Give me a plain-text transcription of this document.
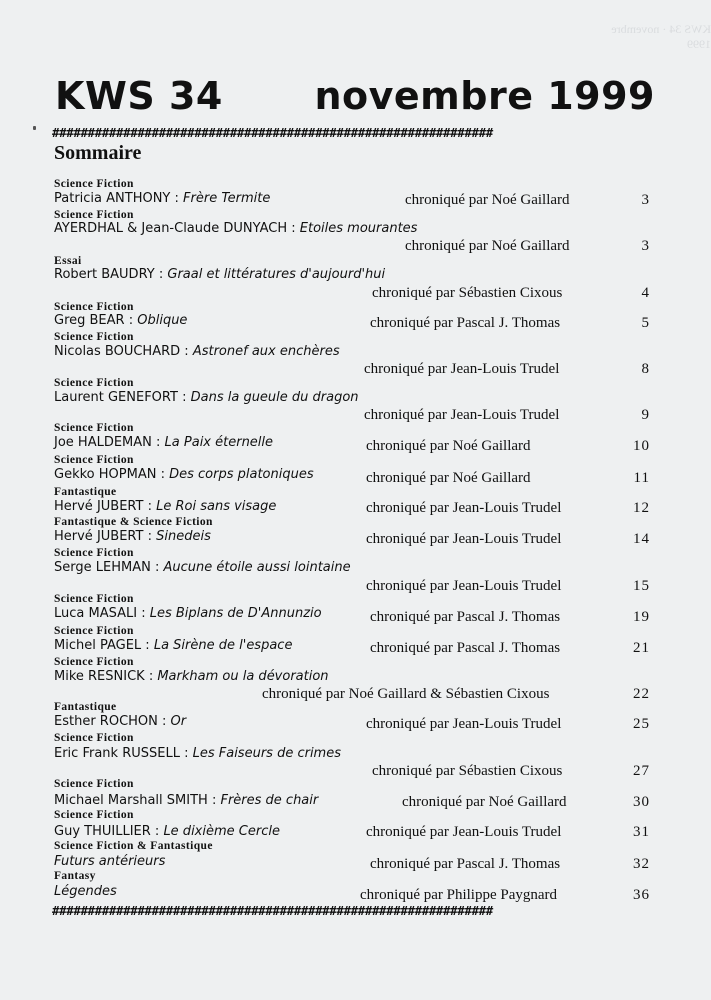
KWS 34 · novembre 1999
KWS 34 novembre 1999
##############################################################
Sommaire
Science Fiction
Patricia ANTHONY : Frère Termite	chroniqué par Noé Gaillard	3
Science Fiction
AYERDHAL & Jean-Claude DUNYACH : Etoiles mourantes
chroniqué par Noé Gaillard	3
Essai
Robert BAUDRY : Graal et littératures d'aujourd'hui
chroniqué par Sébastien Cixous	4
Science Fiction
Greg BEAR : Oblique	chroniqué par Pascal J. Thomas	5
Science Fiction
Nicolas BOUCHARD : Astronef aux enchères
chroniqué par Jean-Louis Trudel	8
Science Fiction
Laurent GENEFORT : Dans la gueule du dragon
chroniqué par Jean-Louis Trudel	9
Science Fiction
Joe HALDEMAN : La Paix éternelle	chroniqué par Noé Gaillard	10
Science Fiction
Gekko HOPMAN : Des corps platoniques	chroniqué par Noé Gaillard	11
Fantastique
Hervé JUBERT : Le Roi sans visage	chroniqué par Jean-Louis Trudel	12
Fantastique & Science Fiction
Hervé JUBERT : Sinedeis	chroniqué par Jean-Louis Trudel	14
Science Fiction
Serge LEHMAN : Aucune étoile aussi lointaine
chroniqué par Jean-Louis Trudel	15
Science Fiction
Luca MASALI : Les Biplans de D'Annunzio	chroniqué par Pascal J. Thomas	19
Science Fiction
Michel PAGEL : La Sirène de l'espace	chroniqué par Pascal J. Thomas	21
Science Fiction
Mike RESNICK : Markham ou la dévoration
chroniqué par Noé Gaillard & Sébastien Cixous	22
Fantastique
Esther ROCHON : Or	chroniqué par Jean-Louis Trudel	25
Science Fiction
Eric Frank RUSSELL : Les Faiseurs de crimes
chroniqué par Sébastien Cixous	27
Science Fiction
Michael Marshall SMITH : Frères de chair	chroniqué par Noé Gaillard	30
Science Fiction
Guy THUILLIER : Le dixième Cercle	chroniqué par Jean-Louis Trudel	31
Science Fiction & Fantastique
Futurs antérieurs	chroniqué par Pascal J. Thomas	32
Fantasy
Légendes	chroniqué par Philippe Paygnard	36
##############################################################
